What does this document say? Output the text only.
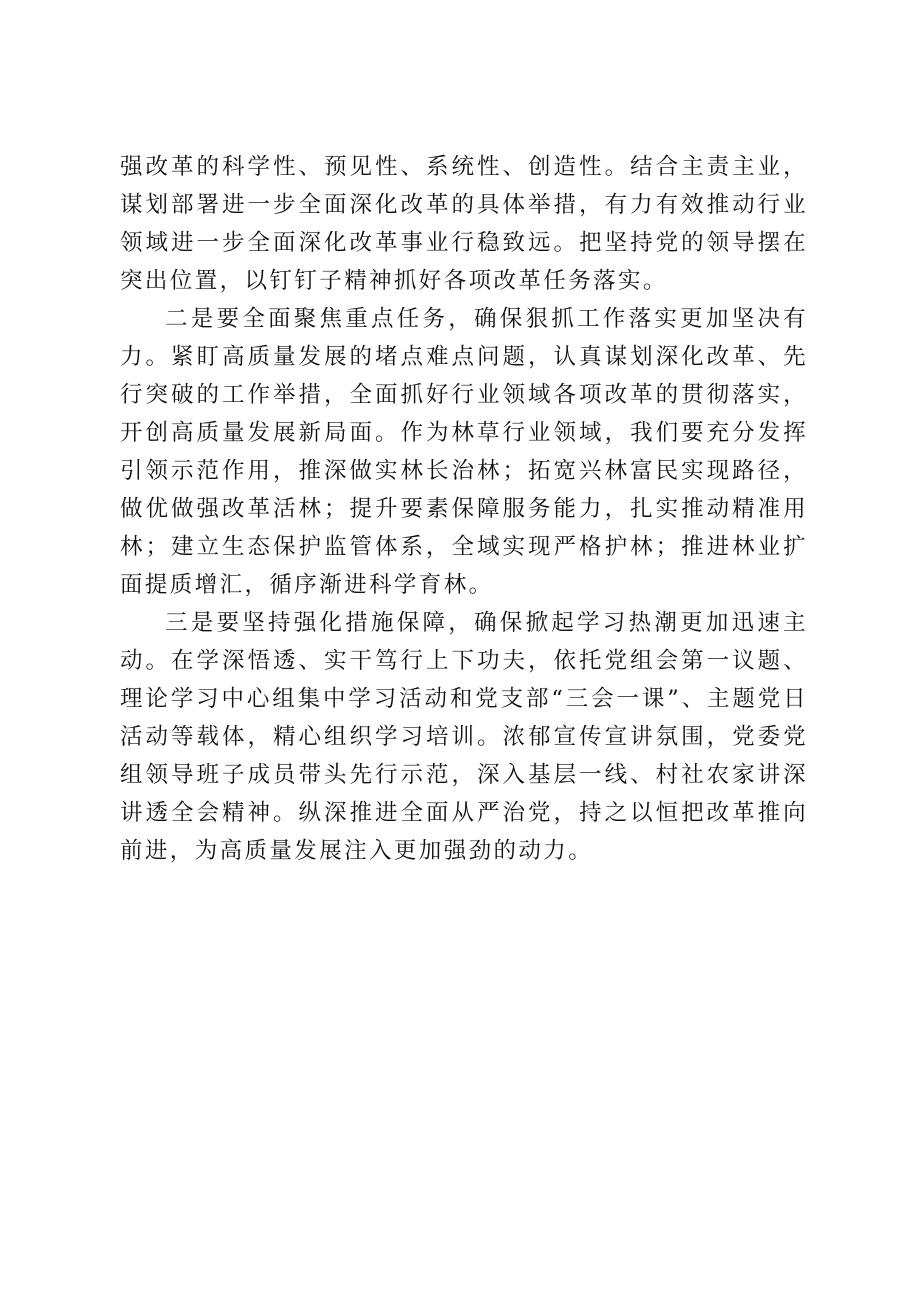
强改革的科学性、预见性、系统性、创造性。结合主责主业，谋划部署进一步全面深化改革的具体举措，有力有效推动行业领域进一步全面深化改革事业行稳致远。把坚持党的领导摆在突出位置，以钉钉子精神抓好各项改革任务落实。

二是要全面聚焦重点任务，确保狠抓工作落实更加坚决有力。紧盯高质量发展的堵点难点问题，认真谋划深化改革、先行突破的工作举措，全面抓好行业领域各项改革的贯彻落实，开创高质量发展新局面。作为林草行业领域，我们要充分发挥引领示范作用，推深做实林长治林；拓宽兴林富民实现路径，做优做强改革活林；提升要素保障服务能力，扎实推动精准用林；建立生态保护监管体系，全域实现严格护林；推进林业扩面提质增汇，循序渐进科学育林。

三是要坚持强化措施保障，确保掀起学习热潮更加迅速主动。在学深悟透、实干笃行上下功夫，依托党组会第一议题、理论学习中心组集中学习活动和党支部“三会一课”、主题党日活动等载体，精心组织学习培训。浓郁宣传宣讲氛围，党委党组领导班子成员带头先行示范，深入基层一线、村社农家讲深讲透全会精神。纵深推进全面从严治党，持之以恒把改革推向前进，为高质量发展注入更加强劲的动力。
